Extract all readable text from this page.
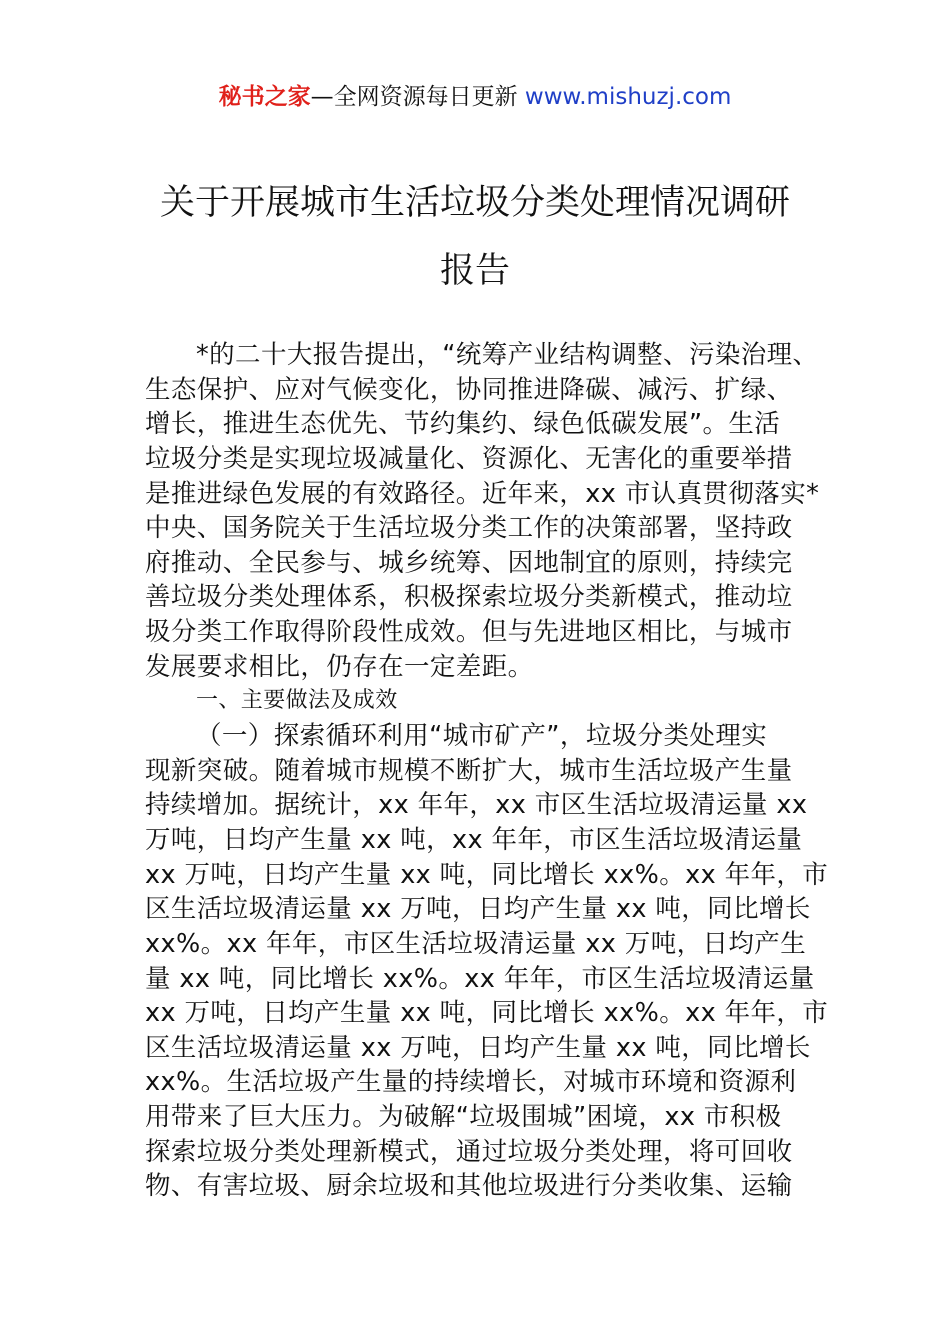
秘书之家—全网资源每日更新 www.mishuzj.com
关于开展城市生活垃圾分类处理情况调研
报告
*的二十大报告提出，“统筹产业结构调整、污染治理、
生态保护、应对气候变化，协同推进降碳、减污、扩绿、
增长，推进生态优先、节约集约、绿色低碳发展”。生活
垃圾分类是实现垃圾减量化、资源化、无害化的重要举措
是推进绿色发展的有效路径。近年来，xx 市认真贯彻落实*
中央、国务院关于生活垃圾分类工作的决策部署，坚持政
府推动、全民参与、城乡统筹、因地制宜的原则，持续完
善垃圾分类处理体系，积极探索垃圾分类新模式，推动垃
圾分类工作取得阶段性成效。但与先进地区相比，与城市
发展要求相比，仍存在一定差距。
一、主要做法及成效
（一）探索循环利用“城市矿产”，垃圾分类处理实
现新突破。随着城市规模不断扩大，城市生活垃圾产生量
持续增加。据统计，xx 年年，xx 市区生活垃圾清运量 xx
万吨，日均产生量 xx 吨，xx 年年，市区生活垃圾清运量
xx 万吨，日均产生量 xx 吨，同比增长 xx%。xx 年年，市
区生活垃圾清运量 xx 万吨，日均产生量 xx 吨，同比增长
xx%。xx 年年，市区生活垃圾清运量 xx 万吨，日均产生
量 xx 吨，同比增长 xx%。xx 年年，市区生活垃圾清运量
xx 万吨，日均产生量 xx 吨，同比增长 xx%。xx 年年，市
区生活垃圾清运量 xx 万吨，日均产生量 xx 吨，同比增长
xx%。生活垃圾产生量的持续增长，对城市环境和资源利
用带来了巨大压力。为破解“垃圾围城”困境，xx 市积极
探索垃圾分类处理新模式，通过垃圾分类处理，将可回收
物、有害垃圾、厨余垃圾和其他垃圾进行分类收集、运输
